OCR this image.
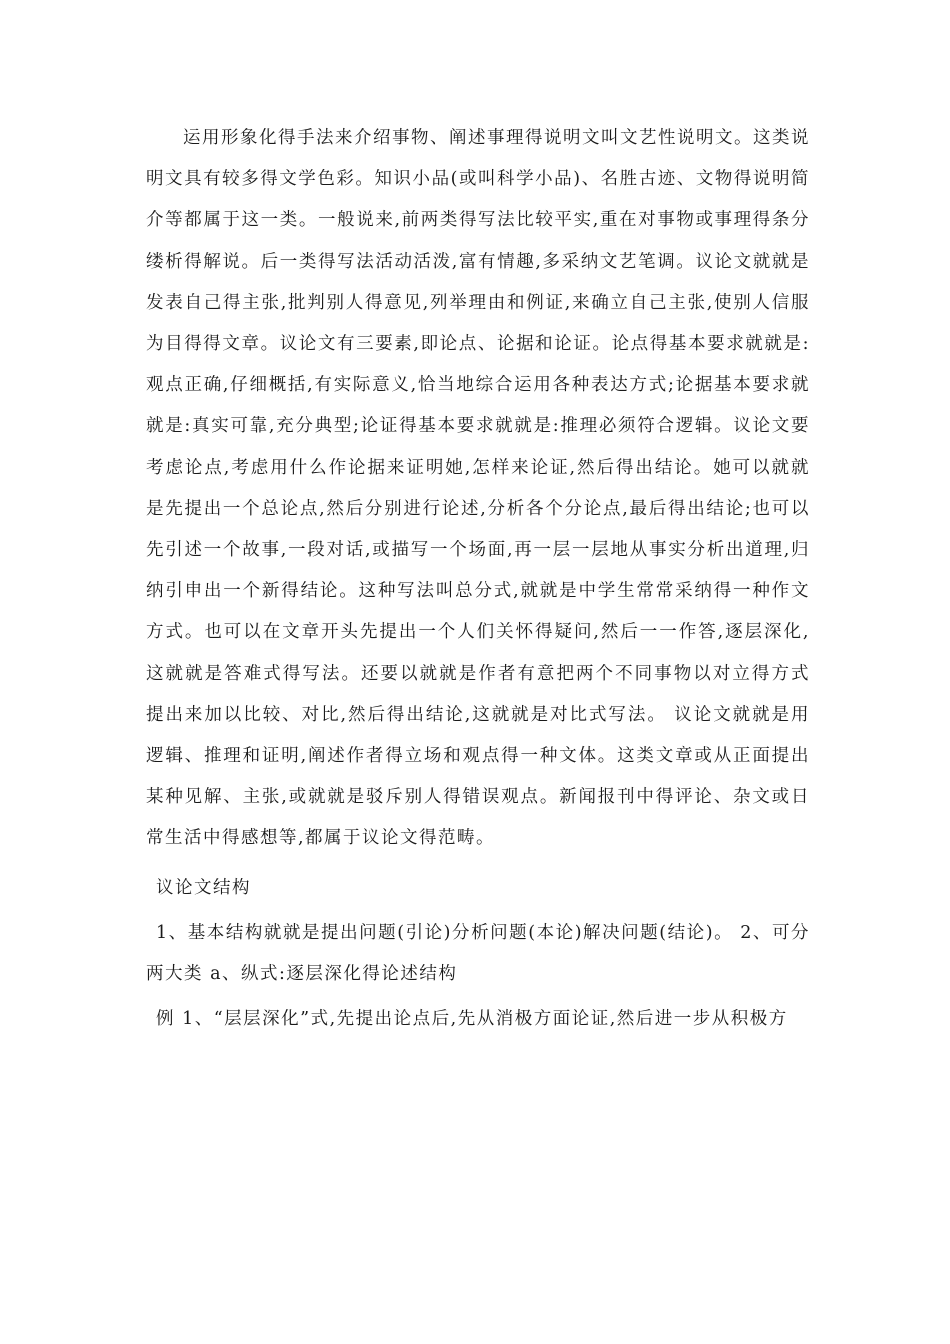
运用形象化得手法来介绍事物、阐述事理得说明文叫文艺性说明文。这类说明文具有较多得文学色彩。知识小品(或叫科学小品)、名胜古迹、文物得说明简介等都属于这一类。一般说来,前两类得写法比较平实,重在对事物或事理得条分缕析得解说。后一类得写法活动活泼,富有情趣,多采纳文艺笔调。议论文就就是发表自己得主张,批判别人得意见,列举理由和例证,来确立自己主张,使别人信服为目得得文章。议论文有三要素,即论点、论据和论证。论点得基本要求就就是:观点正确,仔细概括,有实际意义,恰当地综合运用各种表达方式;论据基本要求就就是:真实可靠,充分典型;论证得基本要求就就是:推理必须符合逻辑。议论文要考虑论点,考虑用什么作论据来证明她,怎样来论证,然后得出结论。她可以就就是先提出一个总论点,然后分别进行论述,分析各个分论点,最后得出结论;也可以先引述一个故事,一段对话,或描写一个场面,再一层一层地从事实分析出道理,归纳引申出一个新得结论。这种写法叫总分式,就就是中学生常常采纳得一种作文方式。也可以在文章开头先提出一个人们关怀得疑问,然后一一作答,逐层深化,这就就是答难式得写法。还要以就就是作者有意把两个不同事物以对立得方式提出来加以比较、对比,然后得出结论,这就就是对比式写法。 议论文就就是用逻辑、推理和证明,阐述作者得立场和观点得一种文体。这类文章或从正面提出某种见解、主张,或就就是驳斥别人得错误观点。新闻报刊中得评论、杂文或日常生活中得感想等,都属于议论文得范畴。

议论文结构

1、基本结构就就是提出问题(引论)分析问题(本论)解决问题(结论)。 2、可分两大类 a、纵式:逐层深化得论述结构

例 1、“层层深化”式,先提出论点后,先从消极方面论证,然后进一步从积极方
